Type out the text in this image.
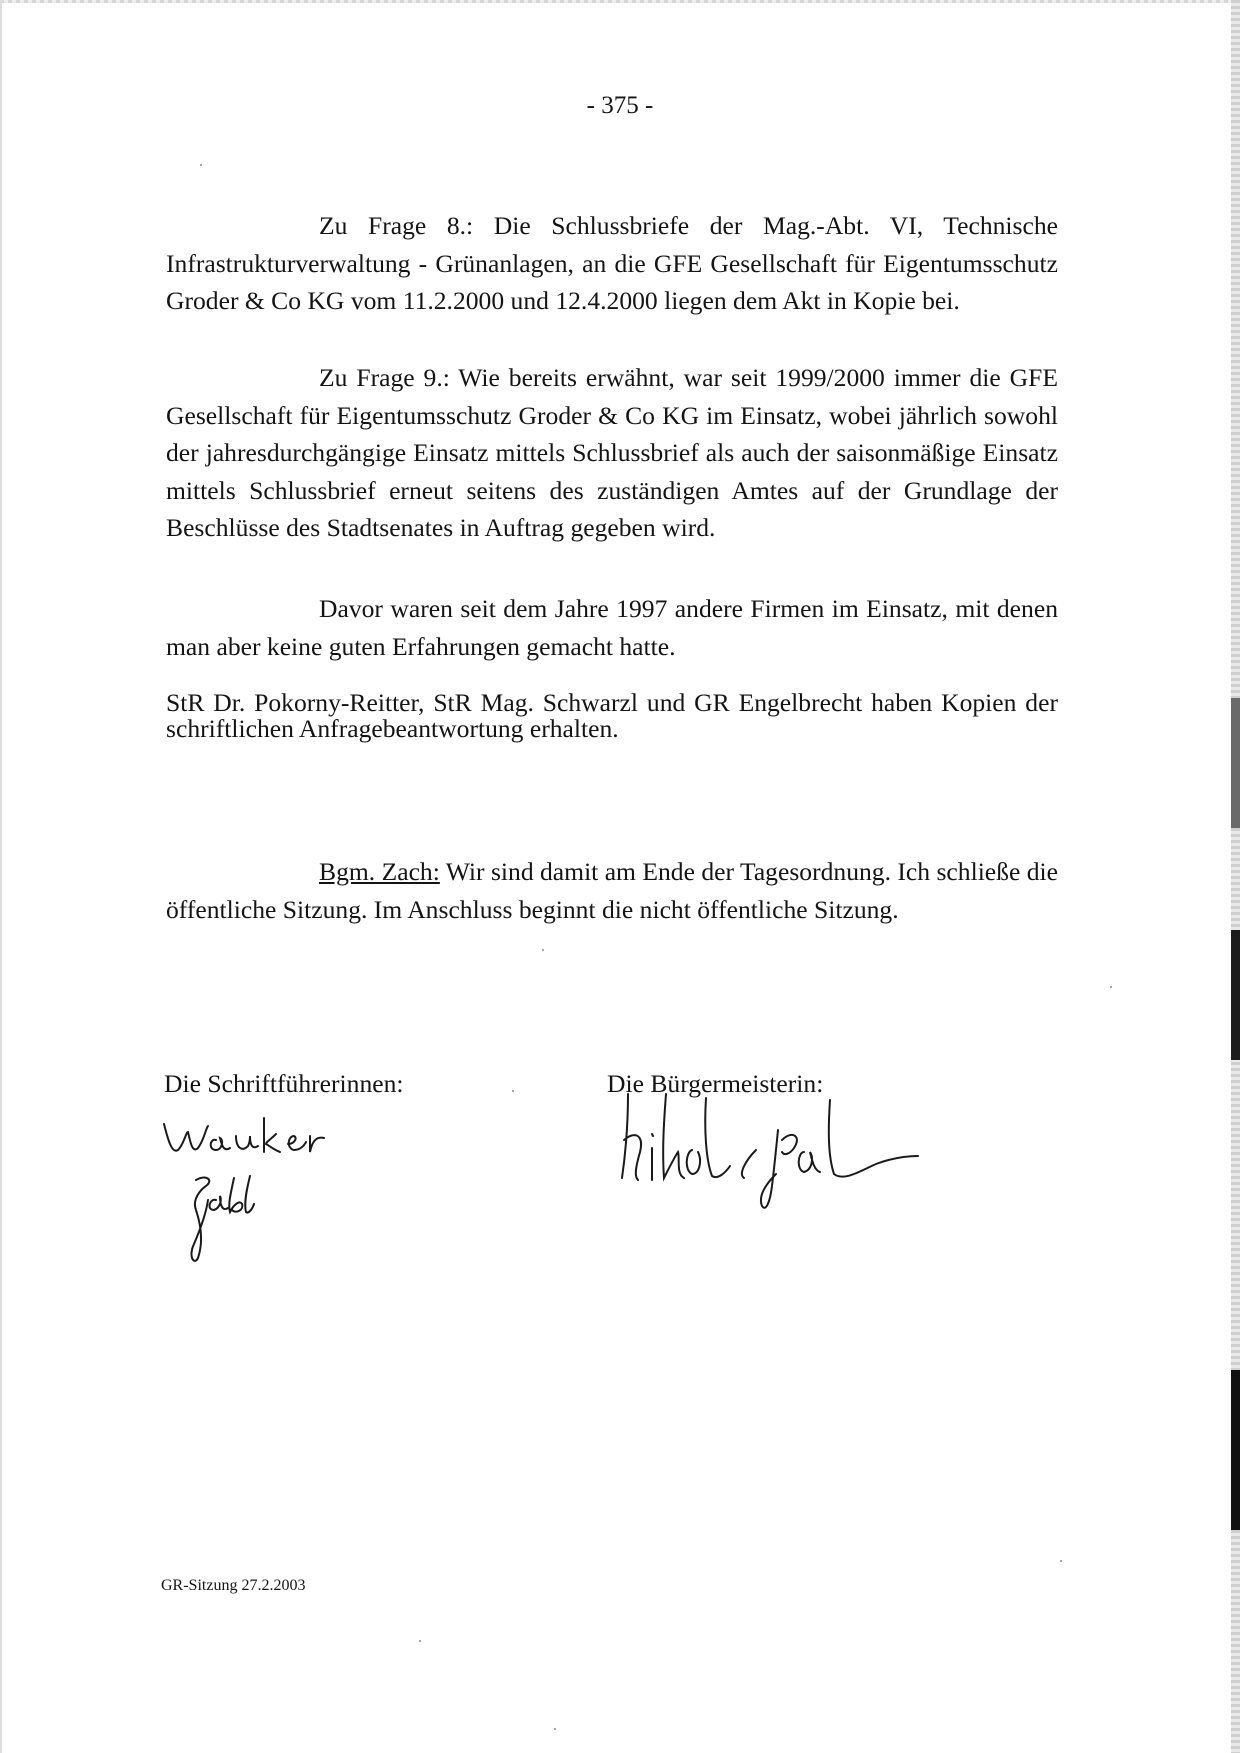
- 375 -

Zu Frage 8.: Die Schlussbriefe der Mag.-Abt. VI, Technische Infrastrukturverwaltung - Grünanlagen, an die GFE Gesellschaft für Eigentumsschutz Groder & Co KG vom 11.2.2000 und 12.4.2000 liegen dem Akt in Kopie bei.

Zu Frage 9.: Wie bereits erwähnt, war seit 1999/2000 immer die GFE Gesellschaft für Eigentumsschutz Groder & Co KG im Einsatz, wobei jährlich sowohl der jahresdurchgängige Einsatz mittels Schlussbrief als auch der saisonmäßige Einsatz mittels Schlussbrief erneut seitens des zuständigen Amtes auf der Grundlage der Beschlüsse des Stadtsenates in Auftrag gegeben wird.

Davor waren seit dem Jahre 1997 andere Firmen im Einsatz, mit denen man aber keine guten Erfahrungen gemacht hatte.

StR Dr. Pokorny-Reitter, StR Mag. Schwarzl und GR Engelbrecht haben Kopien der schriftlichen Anfragebeantwortung erhalten.

Bgm. Zach: Wir sind damit am Ende der Tagesordnung. Ich schließe die öffentliche Sitzung. Im Anschluss beginnt die nicht öffentliche Sitzung.

Die Schriftführerinnen:	Die Bürgermeisterin:
GR-Sitzung 27.2.2003
